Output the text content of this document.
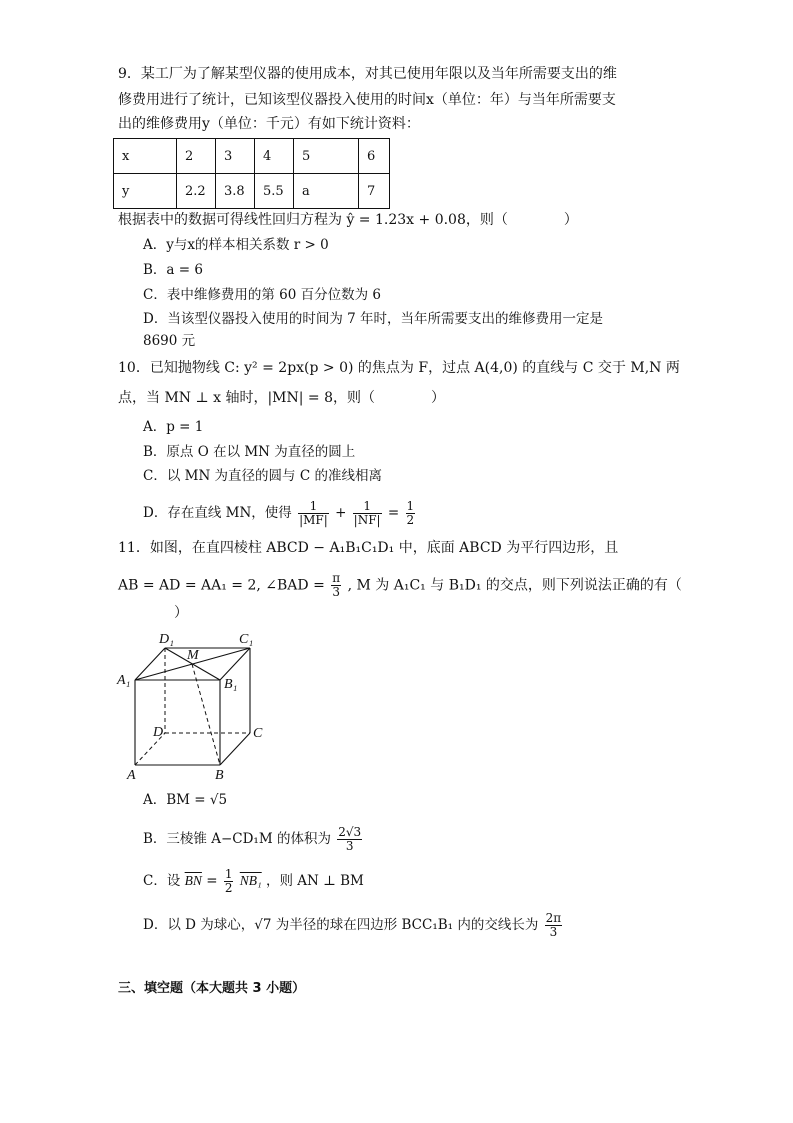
9．某工厂为了解某型仪器的使用成本，对其已使用年限以及当年所需要支出的维
修费用进行了统计，已知该型仪器投入使用的时间x（单位：年）与当年所需要支
出的维修费用y（单位：千元）有如下统计资料：
x	2	3	4	5	6
y	2.2	3.8	5.5	a	7
根据表中的数据可得线性回归方程为 ŷ = 1.23x + 0.08，则（　　　　）
A．y与x的样本相关系数 r > 0
B．a = 6
C．表中维修费用的第 60 百分位数为 6
D．当该型仪器投入使用的时间为 7 年时，当年所需要支出的维修费用一定是
8690 元
10．已知抛物线 C: y² = 2px(p > 0) 的焦点为 F，过点 A(4,0) 的直线与 C 交于 M,N 两
点，当 MN ⊥ x 轴时，|MN| = 8，则（　　　　）
A．p = 1
B．原点 O 在以 MN 为直径的圆上
C．以 MN 为直径的圆与 C 的准线相离
D．存在直线 MN，使得 $\frac{1}{|MF|} + \frac{1}{|NF|} = \frac{1}{2}$
11．如图，在直四棱柱 ABCD − A₁B₁C₁D₁ 中，底面 ABCD 为平行四边形，且
AB = AD = AA₁ = 2, ∠BAD = $\frac{\pi}{3}$ , M 为 A₁C₁ 与 B₁D₁ 的交点，则下列说法正确的有（
　　　　）
D₁	C₁
M
A₁	B₁
D	C
A	B
A．BM = √5
B．三棱锥 A−CD₁M 的体积为 $\frac{2√3}{3}$
C．设 $\overline{BN} = \frac{1}{2} NB_1$ ，则 AN ⊥ BM
D．以 D 为球心，√7 为半径的球在四边形 BCC₁B₁ 内的交线长为 $\frac{2\pi}{3}$
三、填空题（本大题共 3 小题）
